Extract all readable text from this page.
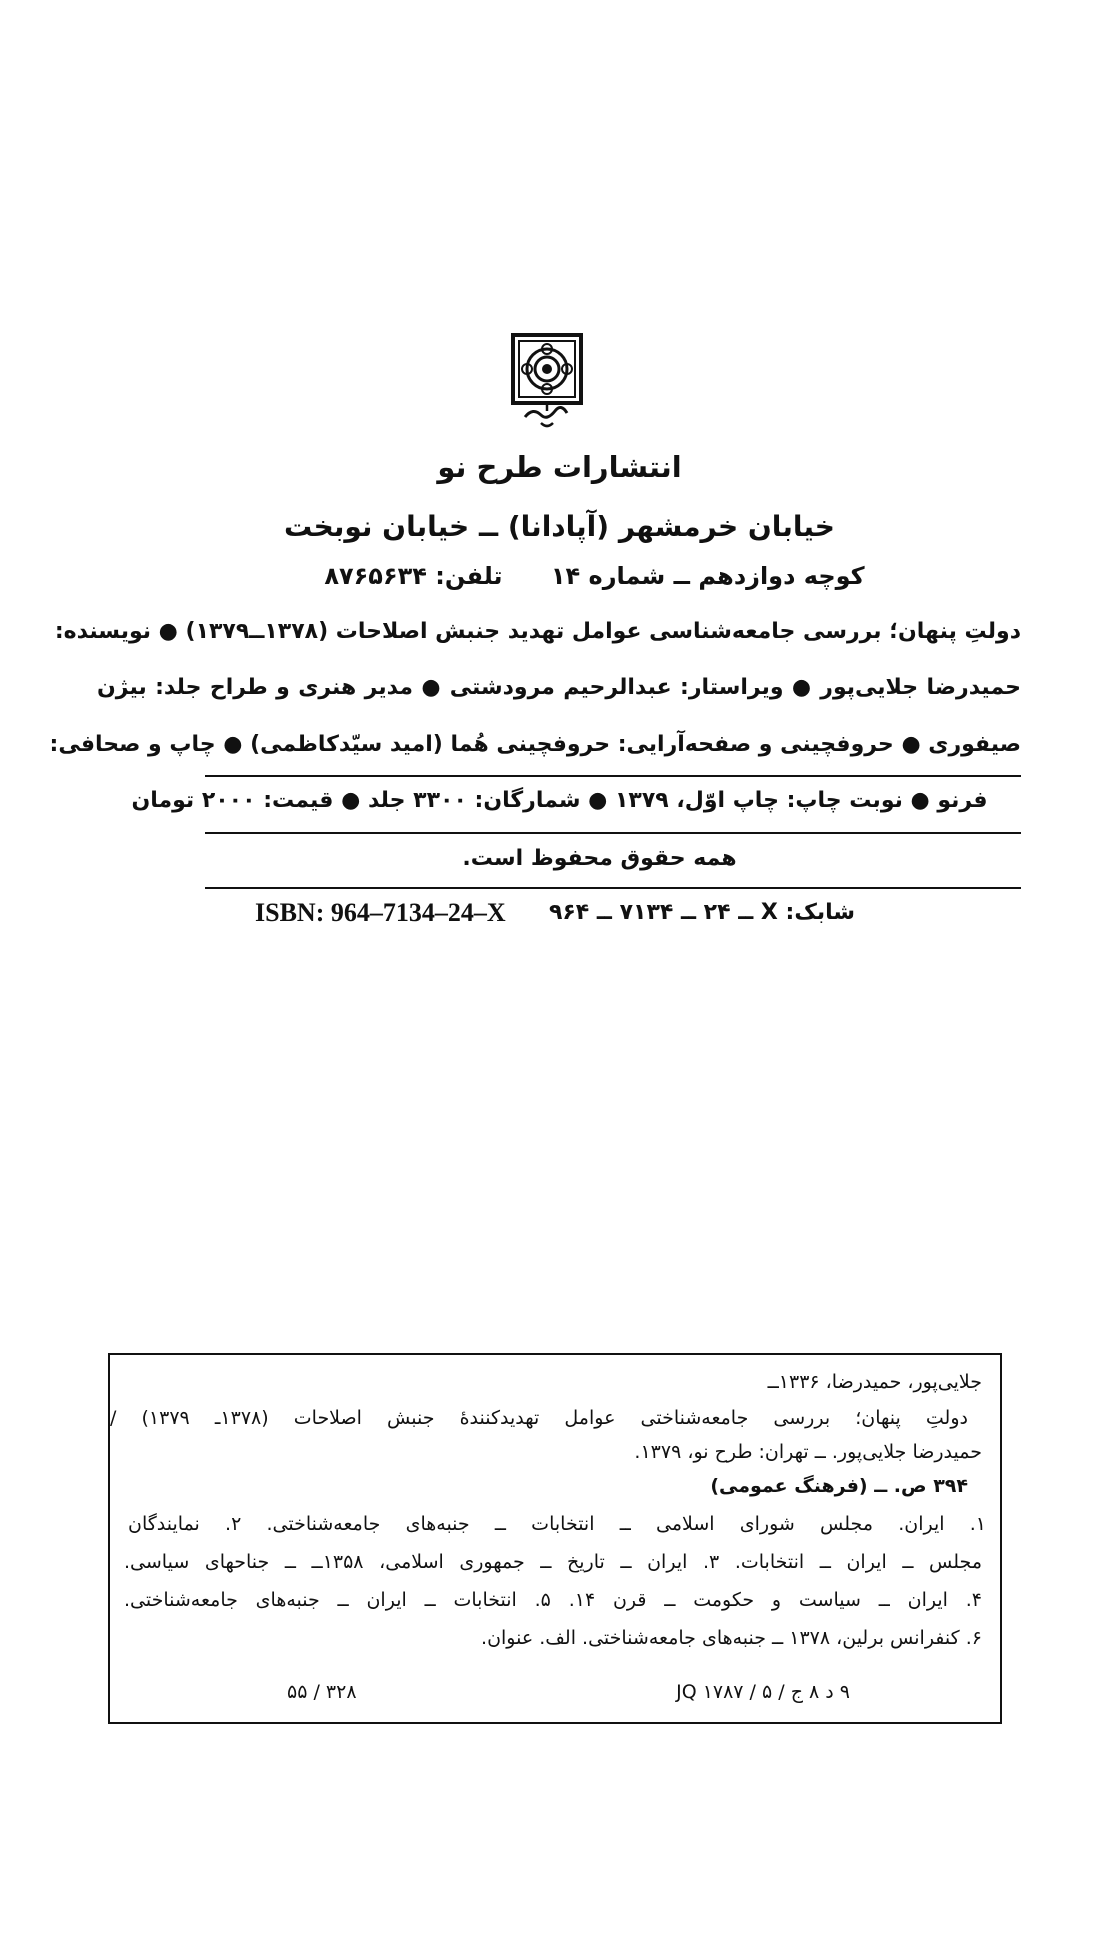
انتشارات طرح نو
خیابان خرمشهر (آپادانا) ــ خیابان نوبخت
کوچه دوازدهم ــ شماره ۱۴ تلفن: ۸۷۶۵۶۳۴
دولتِ پنهان؛ بررسی جامعه‌شناسی عوامل تهدید جنبش اصلاحات (۱۳۷۸ــ۱۳۷۹) ● نویسنده:
حمیدرضا جلایی‌پور ● ویراستار: عبدالرحیم مرودشتی ● مدیر هنری و طراح جلد: بیژن
صیفوری ● حروفچینی و صفحه‌آرایی: حروفچینی هُما (امید سیّدکاظمی) ● چاپ و صحافی:
فرنو ● نوبت چاپ: چاپ اوّل، ۱۳۷۹ ● شمارگان: ۳۳۰۰ جلد ● قیمت: ۲۰۰۰ تومان
همه حقوق محفوظ است.
ISBN: 964–7134–24–X شابک: X ــ ۲۴ ــ ۷۱۳۴ ــ ۹۶۴
جلایی‌پور، حمیدرضا، ۱۳۳۶ــ
دولتِ پنهان؛ بررسی جامعه‌شناختی عوامل تهدیدکنندهٔ جنبش اصلاحات (۱۳۷۸ـ ۱۳۷۹) /
حمیدرضا جلایی‌پور. ــ تهران: طرح نو، ۱۳۷۹.
۳۹۴ ص. ــ (فرهنگ عمومی)
۱. ایران. مجلس شورای اسلامی ــ انتخابات ــ جنبه‌های جامعه‌شناختی. ۲. نمایندگان
مجلس ــ ایران ــ انتخابات. ۳. ایران ــ تاریخ ــ جمهوری اسلامی، ۱۳۵۸ــ ــ جناحهای سیاسی.
۴. ایران ــ سیاست و حکومت ــ قرن ۱۴. ۵. انتخابات ــ ایران ــ جنبه‌های جامعه‌شناختی.
۶. کنفرانس برلین، ۱۳۷۸ ــ جنبه‌های جامعه‌شناختی. الف. عنوان.
۹ د ۸ ج / ۵ / JQ ۱۷۸۷
۳۲۸ / ۵۵
